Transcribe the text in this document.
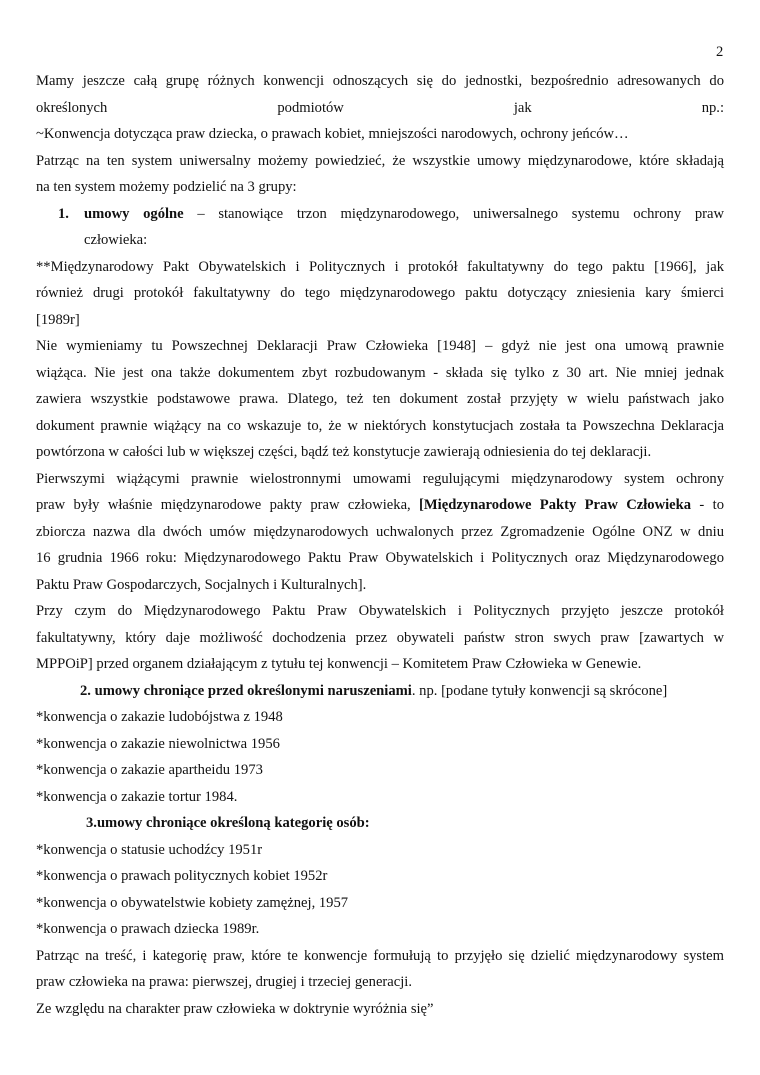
2
Mamy jeszcze całą grupę różnych konwencji odnoszących się do jednostki, bezpośrednio adresowanych do
określonych podmiotów jak np.:
~Konwencja dotycząca praw dziecka, o prawach kobiet, mniejszości narodowych, ochrony jeńców…
Patrząc na ten system uniwersalny możemy powiedzieć, że wszystkie umowy międzynarodowe, które składają
na ten system możemy podzielić na 3 grupy:
1.	umowy ogólne – stanowiące trzon międzynarodowego, uniwersalnego systemu ochrony praw
człowieka:
**Międzynarodowy Pakt Obywatelskich i Politycznych i protokół fakultatywny do tego paktu [1966], jak
również drugi protokół fakultatywny do tego międzynarodowego paktu dotyczący zniesienia kary śmierci
[1989r]
Nie wymieniamy tu Powszechnej Deklaracji Praw Człowieka [1948] – gdyż nie jest ona umową prawnie
wiążąca. Nie jest ona także dokumentem zbyt rozbudowanym - składa się tylko z 30 art. Nie mniej jednak
zawiera wszystkie podstawowe prawa. Dlatego, też ten dokument został przyjęty w wielu państwach jako
dokument prawnie wiążący na co wskazuje to, że w niektórych konstytucjach została ta Powszechna Deklaracja
powtórzona w całości lub w większej części, bądź też konstytucje zawierają odniesienia do tej deklaracji.
Pierwszymi wiążącymi prawnie wielostronnymi umowami regulującymi międzynarodowy system ochrony
praw były właśnie międzynarodowe pakty praw człowieka, [Międzynarodowe Pakty Praw Człowieka - to
zbiorcza nazwa dla dwóch umów międzynarodowych uchwalonych przez Zgromadzenie Ogólne ONZ w dniu
16 grudnia 1966 roku: Międzynarodowego Paktu Praw Obywatelskich i Politycznych oraz Międzynarodowego
Paktu Praw Gospodarczych, Socjalnych i Kulturalnych].
Przy czym do Międzynarodowego Paktu Praw Obywatelskich i Politycznych przyjęto jeszcze protokół
fakultatywny, który daje możliwość dochodzenia przez obywateli państw stron swych praw [zawartych w
MPPOiP] przed organem działającym z tytułu tej konwencji – Komitetem Praw Człowieka w Genewie.
2. umowy chroniące przed określonymi naruszeniami. np. [podane tytuły konwencji są skrócone]
*konwencja o zakazie ludobójstwa z 1948
*konwencja o zakazie niewolnictwa 1956
*konwencja o zakazie apartheidu 1973
*konwencja o zakazie tortur 1984.
3.umowy chroniące określoną kategorię osób:
*konwencja o statusie uchodźcy 1951r
*konwencja o prawach politycznych kobiet 1952r
*konwencja o obywatelstwie kobiety zamężnej, 1957
*konwencja o prawach dziecka 1989r.
Patrząc na treść, i kategorię praw, które te konwencje formułują to przyjęło się dzielić międzynarodowy system
praw człowieka na prawa: pierwszej, drugiej i trzeciej generacji.
Ze względu na charakter praw człowieka w doktrynie wyróżnia się”
